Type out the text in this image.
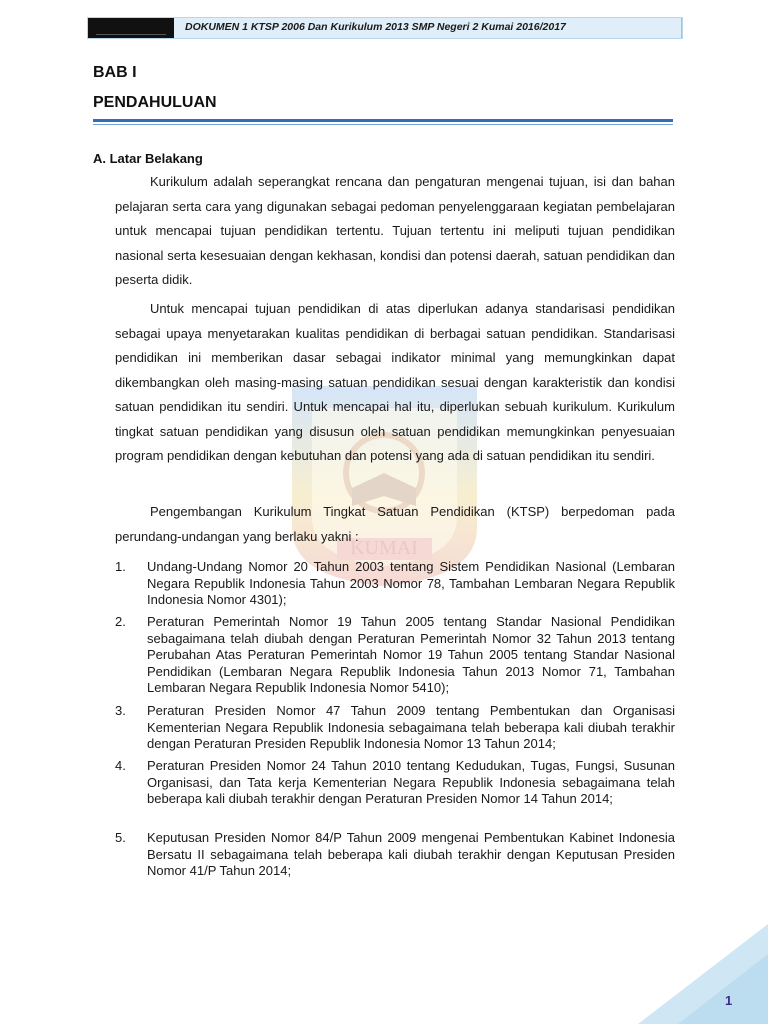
DOKUMEN 1 KTSP 2006 Dan Kurikulum 2013 SMP Negeri 2 Kumai 2016/2017
KUMAI
BAB I
PENDAHULUAN
A. Latar Belakang
Kurikulum adalah seperangkat rencana dan pengaturan mengenai tujuan, isi dan bahan pelajaran serta cara yang digunakan sebagai pedoman penyelenggaraan kegiatan pembelajaran untuk mencapai tujuan pendidikan tertentu. Tujuan tertentu ini meliputi tujuan pendidikan nasional serta kesesuaian dengan kekhasan, kondisi dan potensi daerah, satuan pendidikan dan peserta didik.
Untuk mencapai tujuan pendidikan di atas diperlukan adanya standarisasi pendidikan sebagai upaya menyetarakan kualitas pendidikan di berbagai satuan pendidikan. Standarisasi pendidikan ini memberikan dasar sebagai indikator minimal yang memungkinkan dapat dikembangkan oleh masing-masing satuan pendidikan sesuai dengan karakteristik dan kondisi satuan pendidikan itu sendiri. Untuk mencapai hal itu, diperlukan sebuah kurikulum. Kurikulum tingkat satuan pendidikan yang disusun oleh satuan pendidikan memungkinkan penyesuaian program pendidikan dengan kebutuhan dan potensi yang ada di satuan pendidikan itu sendiri.
Pengembangan Kurikulum Tingkat Satuan Pendidikan (KTSP) berpedoman pada perundang-undangan yang berlaku yakni :
1. Undang-Undang Nomor 20 Tahun 2003 tentang Sistem Pendidikan Nasional (Lembaran Negara Republik Indonesia Tahun 2003 Nomor 78, Tambahan Lembaran Negara Republik Indonesia Nomor 4301);
2. Peraturan Pemerintah Nomor 19 Tahun 2005 tentang Standar Nasional Pendidikan sebagaimana telah diubah dengan Peraturan Pemerintah Nomor 32 Tahun 2013 tentang Perubahan Atas Peraturan Pemerintah Nomor 19 Tahun 2005 tentang Standar Nasional Pendidikan (Lembaran Negara Republik Indonesia Tahun 2013 Nomor 71, Tambahan Lembaran Negara Republik Indonesia Nomor 5410);
3. Peraturan Presiden Nomor 47 Tahun 2009 tentang Pembentukan dan Organisasi Kementerian Negara Republik Indonesia sebagaimana telah beberapa kali diubah terakhir dengan Peraturan Presiden Republik Indonesia Nomor 13 Tahun 2014;
4. Peraturan Presiden Nomor 24 Tahun 2010 tentang Kedudukan, Tugas, Fungsi, Susunan Organisasi, dan Tata kerja Kementerian Negara Republik Indonesia sebagaimana telah beberapa kali diubah terakhir dengan Peraturan Presiden Nomor 14 Tahun 2014;
5. Keputusan Presiden Nomor 84/P Tahun 2009 mengenai Pembentukan Kabinet Indonesia Bersatu II sebagaimana telah beberapa kali diubah terakhir dengan Keputusan Presiden Nomor 41/P Tahun 2014;
1
